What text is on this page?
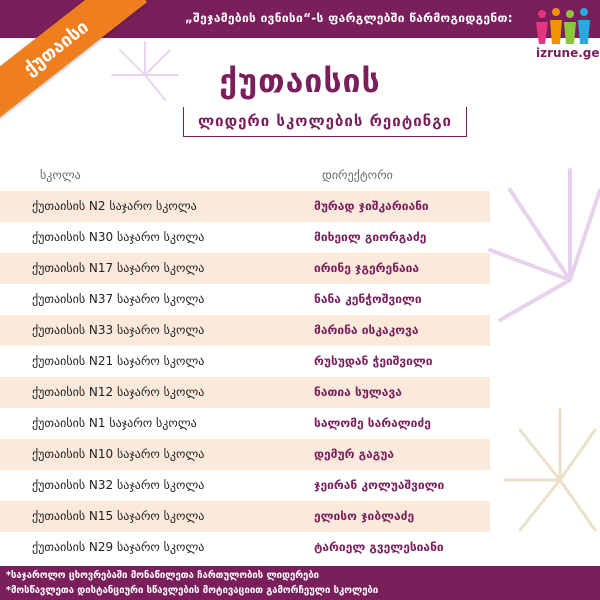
„შეჯამების ივნისი“-ს ფარგლებში წარმოგიდგენთ:
ქუთაისი	izrune.ge
ქუთაისის
ლიდერი სკოლების რეიტინგი
სკოლა	დირექტორი
ქუთაისის N2 საჯარო სკოლა	მურად ჯიშკარიანი
ქუთაისის N30 საჯარო სკოლა	მიხეილ გიორგაძე
ქუთაისის N17 საჯარო სკოლა	ირინე ჯგერენაია
ქუთაისის N37 საჯარო სკოლა	ნანა კენჭოშვილი
ქუთაისის N33 საჯარო სკოლა	მარინა ისკაკოვა
ქუთაისის N21 საჯარო სკოლა	რუსუდან ჭეიშვილი
ქუთაისის N12 საჯარო სკოლა	ნათია სულავა
ქუთაისის N1 საჯარო სკოლა	სალომე სარალიძე
ქუთაისის N10 საჯარო სკოლა	დემურ გაგუა
ქუთაისის N32 საჯარო სკოლა	ჯეირან კოლუაშვილი
ქუთაისის N15 საჯარო სკოლა	ელისო ჯიბლაძე
ქუთაისის N29 საჯარო სკოლა	ტარიელ გველესიანი
*საჯაროლო ცხოვრებაში მონაწილეთა ჩართულობის ლიდერები
*მოსწავლეთა დისტანციური სწავლების მოტივაციით გამორჩეული სკოლები
